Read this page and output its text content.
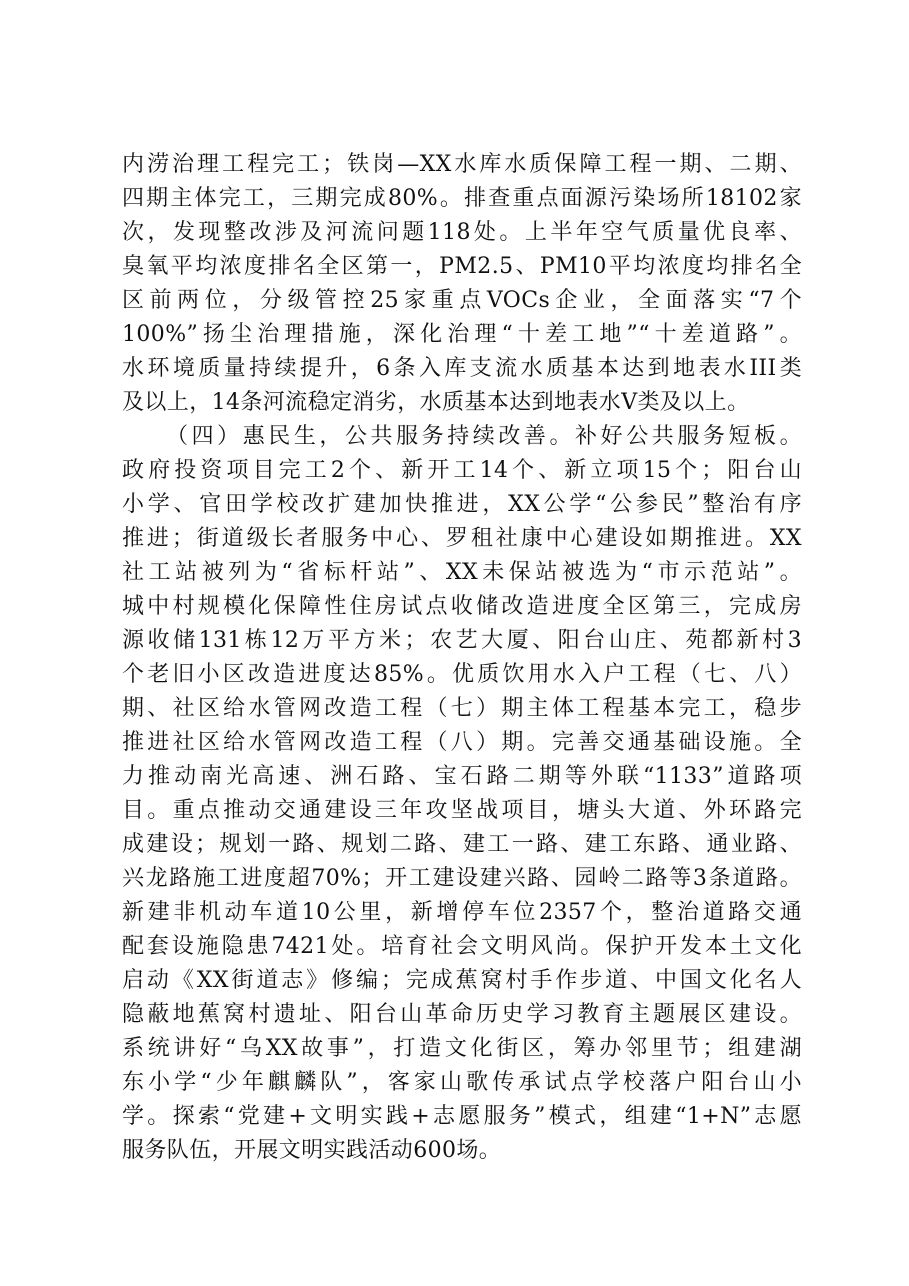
内涝治理工程完工；铁岗—XX水库水质保障工程一期、二期、
四期主体完工，三期完成80%。排查重点面源污染场所18102家
次，发现整改涉及河流问题118处。上半年空气质量优良率、
臭氧平均浓度排名全区第一，PM2.5、PM10平均浓度均排名全
区前两位，分级管控25家重点VOCs企业，全面落实“7个
100%”扬尘治理措施，深化治理“十差工地”“十差道路”。
水环境质量持续提升，6条入库支流水质基本达到地表水III类
及以上，14条河流稳定消劣，水质基本达到地表水V类及以上。
（四）惠民生，公共服务持续改善。补好公共服务短板。
政府投资项目完工2个、新开工14个、新立项15个；阳台山
小学、官田学校改扩建加快推进，XX公学“公参民”整治有序
推进；街道级长者服务中心、罗租社康中心建设如期推进。XX
社工站被列为“省标杆站”、XX未保站被选为“市示范站”。
城中村规模化保障性住房试点收储改造进度全区第三，完成房
源收储131栋12万平方米；农艺大厦、阳台山庄、苑都新村3
个老旧小区改造进度达85%。优质饮用水入户工程（七、八）
期、社区给水管网改造工程（七）期主体工程基本完工，稳步
推进社区给水管网改造工程（八）期。完善交通基础设施。全
力推动南光高速、洲石路、宝石路二期等外联“1133”道路项
目。重点推动交通建设三年攻坚战项目，塘头大道、外环路完
成建设；规划一路、规划二路、建工一路、建工东路、通业路、
兴龙路施工进度超70%；开工建设建兴路、园岭二路等3条道路。
新建非机动车道10公里，新增停车位2357个，整治道路交通
配套设施隐患7421处。培育社会文明风尚。保护开发本土文化
启动《XX街道志》修编；完成蕉窝村手作步道、中国文化名人
隐蔽地蕉窝村遗址、阳台山革命历史学习教育主题展区建设。
系统讲好“乌XX故事”，打造文化街区，筹办邻里节；组建湖
东小学“少年麒麟队”，客家山歌传承试点学校落户阳台山小
学。探索“党建+文明实践+志愿服务”模式，组建“1+N”志愿
服务队伍，开展文明实践活动600场。
